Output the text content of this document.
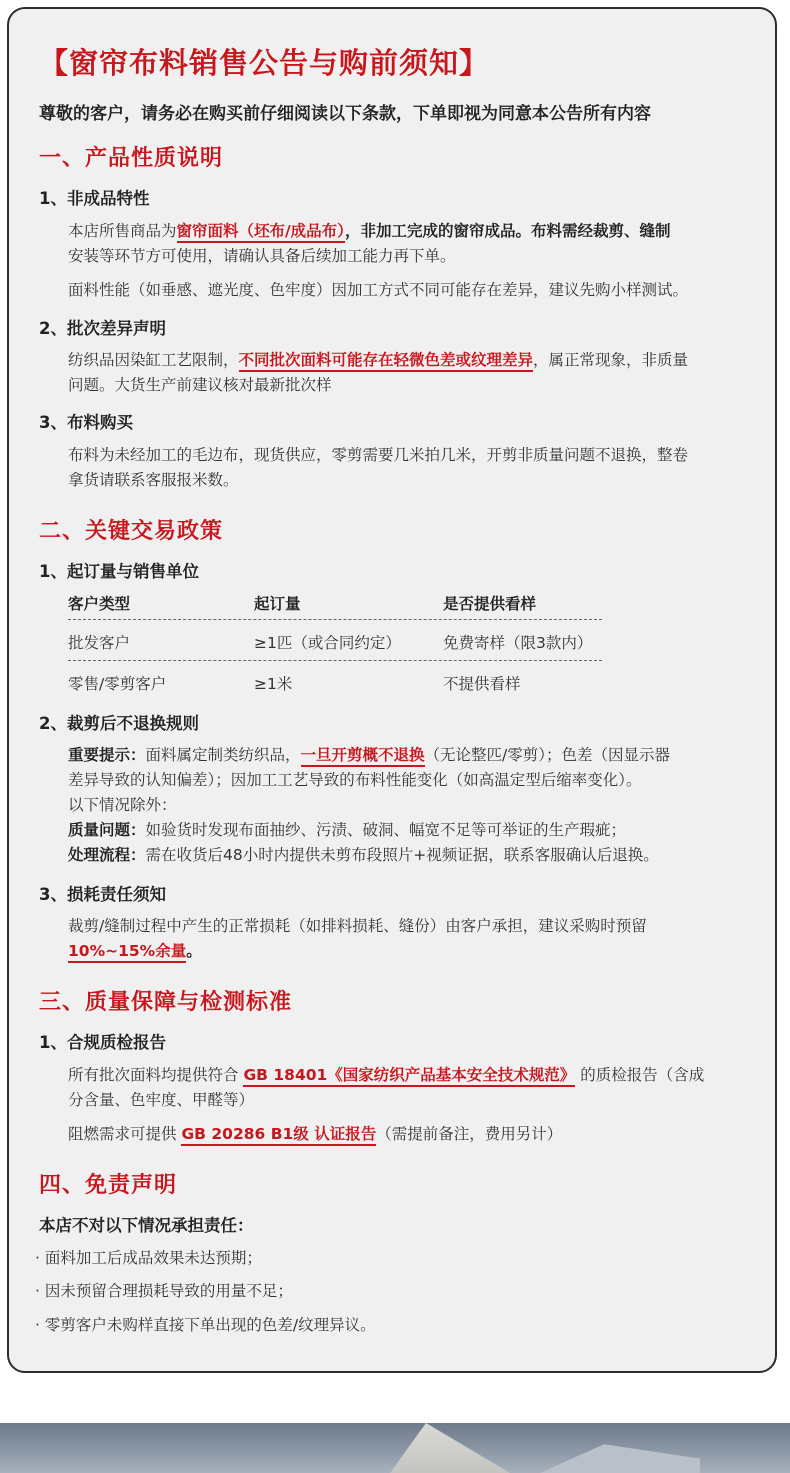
【窗帘布料销售公告与购前须知】
尊敬的客户，请务必在购买前仔细阅读以下条款，下单即视为同意本公告所有内容
一、产品性质说明
1、非成品特性
本店所售商品为窗帘面料（坯布/成品布），非加工完成的窗帘成品。布料需经裁剪、缝制
安装等环节方可使用，请确认具备后续加工能力再下单。
面料性能（如垂感、遮光度、色牢度）因加工方式不同可能存在差异，建议先购小样测试。
2、批次差异声明
纺织品因染缸工艺限制，不同批次面料可能存在轻微色差或纹理差异，属正常现象，非质量
问题。大货生产前建议核对最新批次样
3、布料购买
布料为未经加工的毛边布，现货供应，零剪需要几米拍几米，开剪非质量问题不退换，整卷
拿货请联系客服报米数。
二、关键交易政策
1、起订量与销售单位
客户类型	起订量	是否提供看样
批发客户	≥1匹（或合同约定）	免费寄样（限3款内）
零售/零剪客户	≥1米	不提供看样
2、裁剪后不退换规则
重要提示：面料属定制类纺织品，一旦开剪概不退换（无论整匹/零剪）；色差（因显示器
差异导致的认知偏差）；因加工工艺导致的布料性能变化（如高温定型后缩率变化）。
以下情况除外：
质量问题：如验货时发现布面抽纱、污渍、破洞、幅宽不足等可举证的生产瑕疵；
处理流程：需在收货后48小时内提供未剪布段照片+视频证据，联系客服确认后退换。
3、损耗责任须知
裁剪/缝制过程中产生的正常损耗（如排料损耗、缝份）由客户承担，建议采购时预留
10%~15%余量。
三、质量保障与检测标准
1、合规质检报告
所有批次面料均提供符合 GB 18401《国家纺织产品基本安全技术规范》 的质检报告（含成
分含量、色牢度、甲醛等）
阻燃需求可提供 GB 20286 B1级 认证报告（需提前备注，费用另计）
四、免责声明
本店不对以下情况承担责任：
· 面料加工后成品效果未达预期；
· 因未预留合理损耗导致的用量不足；
· 零剪客户未购样直接下单出现的色差/纹理异议。
